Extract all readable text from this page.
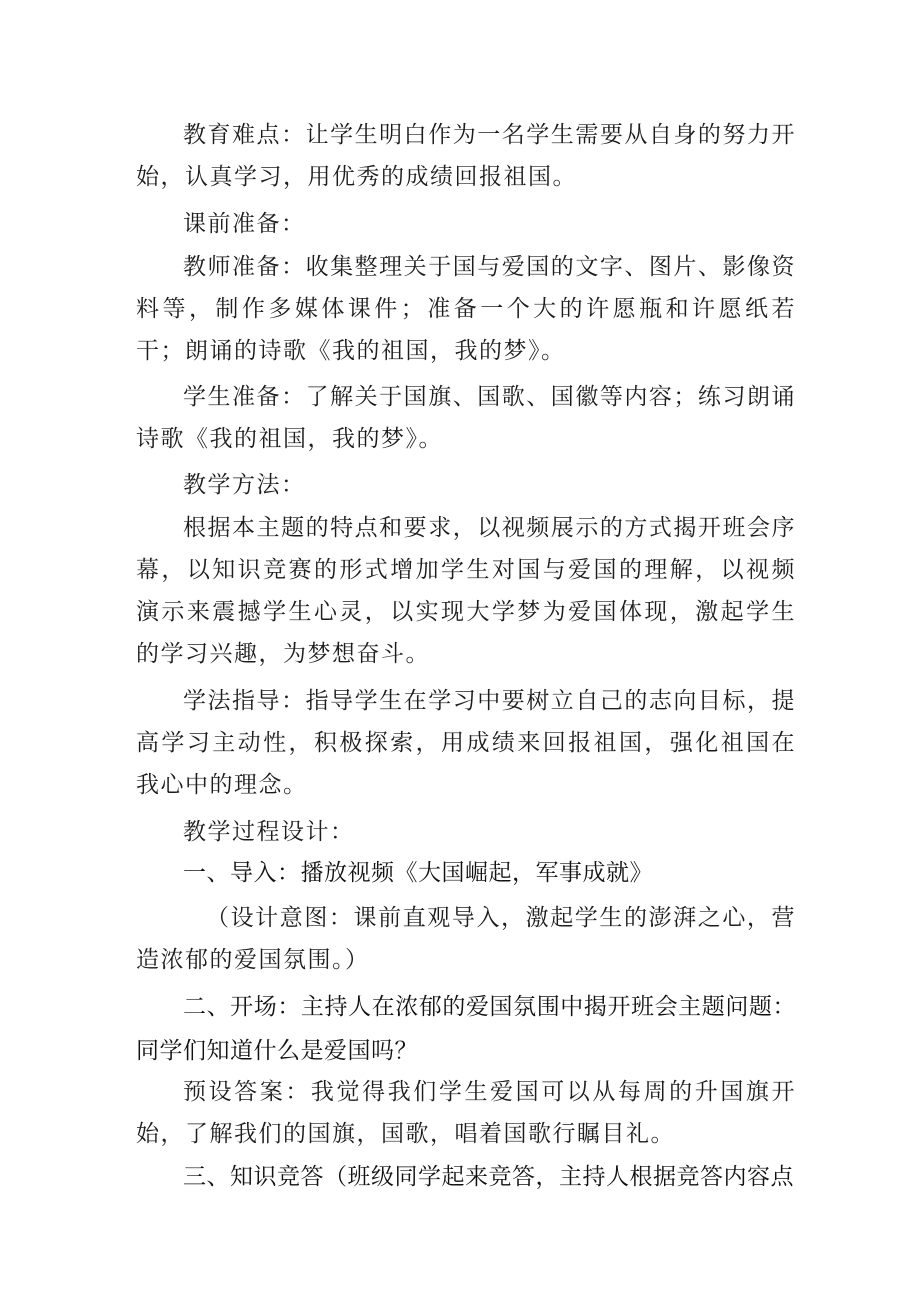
教育难点：让学生明白作为一名学生需要从自身的努力开始，认真学习，用优秀的成绩回报祖国。

课前准备：

教师准备：收集整理关于国与爱国的文字、图片、影像资料等，制作多媒体课件；准备一个大的许愿瓶和许愿纸若干；朗诵的诗歌《我的祖国，我的梦》。

学生准备：了解关于国旗、国歌、国徽等内容；练习朗诵诗歌《我的祖国，我的梦》。

教学方法：

根据本主题的特点和要求，以视频展示的方式揭开班会序幕，以知识竞赛的形式增加学生对国与爱国的理解，以视频演示来震撼学生心灵，以实现大学梦为爱国体现，激起学生的学习兴趣，为梦想奋斗。

学法指导：指导学生在学习中要树立自己的志向目标，提高学习主动性，积极探索，用成绩来回报祖国，强化祖国在我心中的理念。

教学过程设计：

一、导入：播放视频《大国崛起，军事成就》

（设计意图：课前直观导入，激起学生的澎湃之心，营造浓郁的爱国氛围。）

二、开场：主持人在浓郁的爱国氛围中揭开班会主题问题：同学们知道什么是爱国吗？

预设答案：我觉得我们学生爱国可以从每周的升国旗开始，了解我们的国旗，国歌，唱着国歌行瞩目礼。

三、知识竞答（班级同学起来竞答，主持人根据竞答内容点
